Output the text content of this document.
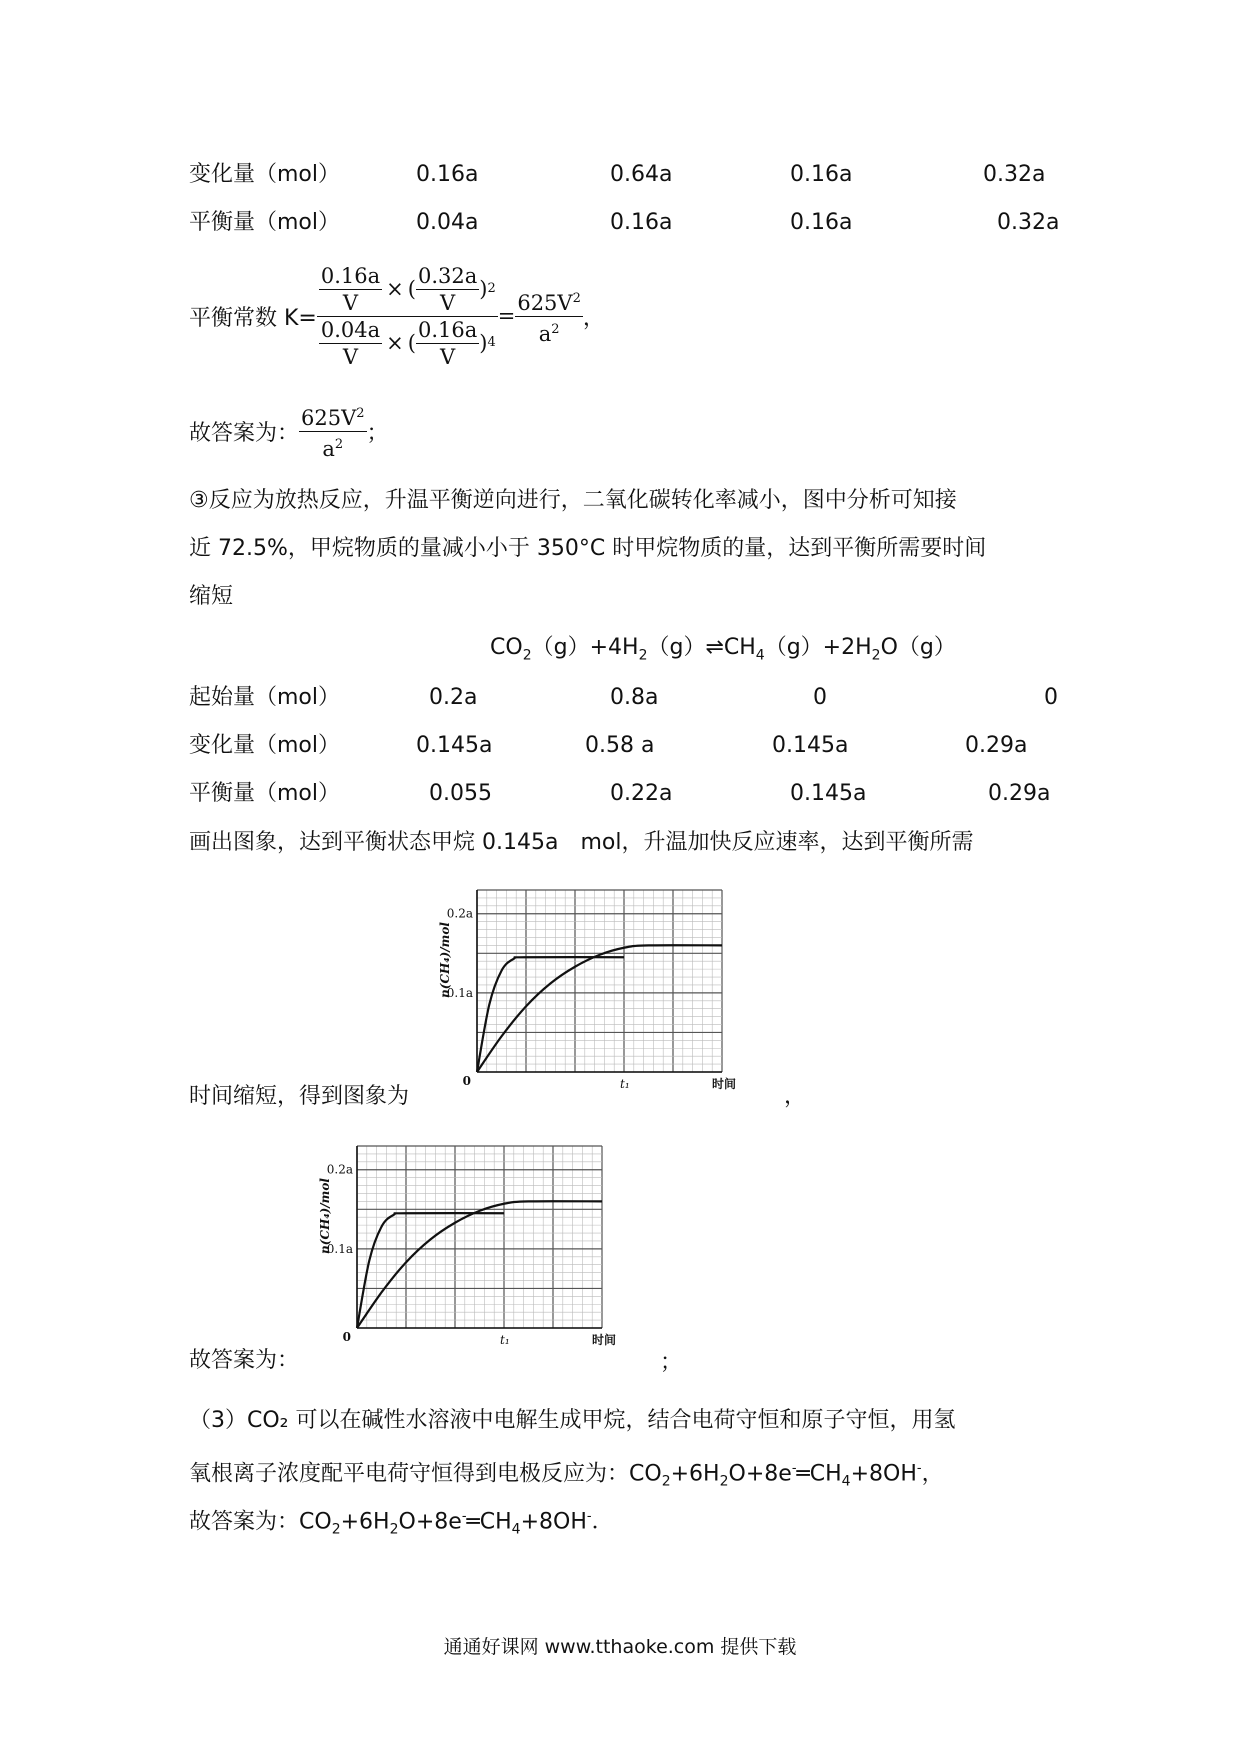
变化量（mol）	0.16a	0.64a	0.16a	0.32a
平衡量（mol）	0.04a	0.16a	0.16a	0.32a
平衡常数 $K= \frac{\frac{0.16a}{V} \times ( \frac{0.32a}{V} ) 2}{\frac{0.04a}{V} \times ( \frac{0.16a}{V} ) 4} = \frac{625V^2}{a^2}$ ，
故答案为： $\frac{625V^2}{a^2}$ ；
③反应为放热反应，升温平衡逆向进行，二氧化碳转化率减小，图中分析可知接
近 72.5%，甲烷物质的量减小小于 350°C 时甲烷物质的量，达到平衡所需要时间
缩短
$CO_2(g)+4H_2(g)\rightleftharpoons CH_4(g)+2H_2O(g)$
起始量（mol）	0.2a	0.8a	0	0
变化量（mol）	0.145a	0.58 a	0.145a	0.29a
平衡量（mol）	0.055	0.22a	0.145a	0.29a
画出图象，达到平衡状态甲烷 0.145a　mol，升温加快反应速率，达到平衡所需
0.1a
0.2a
0	t₁	时间
n(CH₄)/mol
时间缩短，得到图象为	，
0.1a
0.2a
0	t₁	时间
n(CH₄)/mol
故答案为：	；
（3）CO₂ 可以在碱性水溶液中电解生成甲烷，结合电荷守恒和原子守恒，用氢
氧根离子浓度配平电荷守恒得到电极反应为：$CO_2+6H_2O+8e^-═CH_4+8OH^-$，
故答案为：$CO_2+6H_2O+8e^-═CH_4+8OH^-$．
通通好课网 www.tthaoke.com 提供下载
